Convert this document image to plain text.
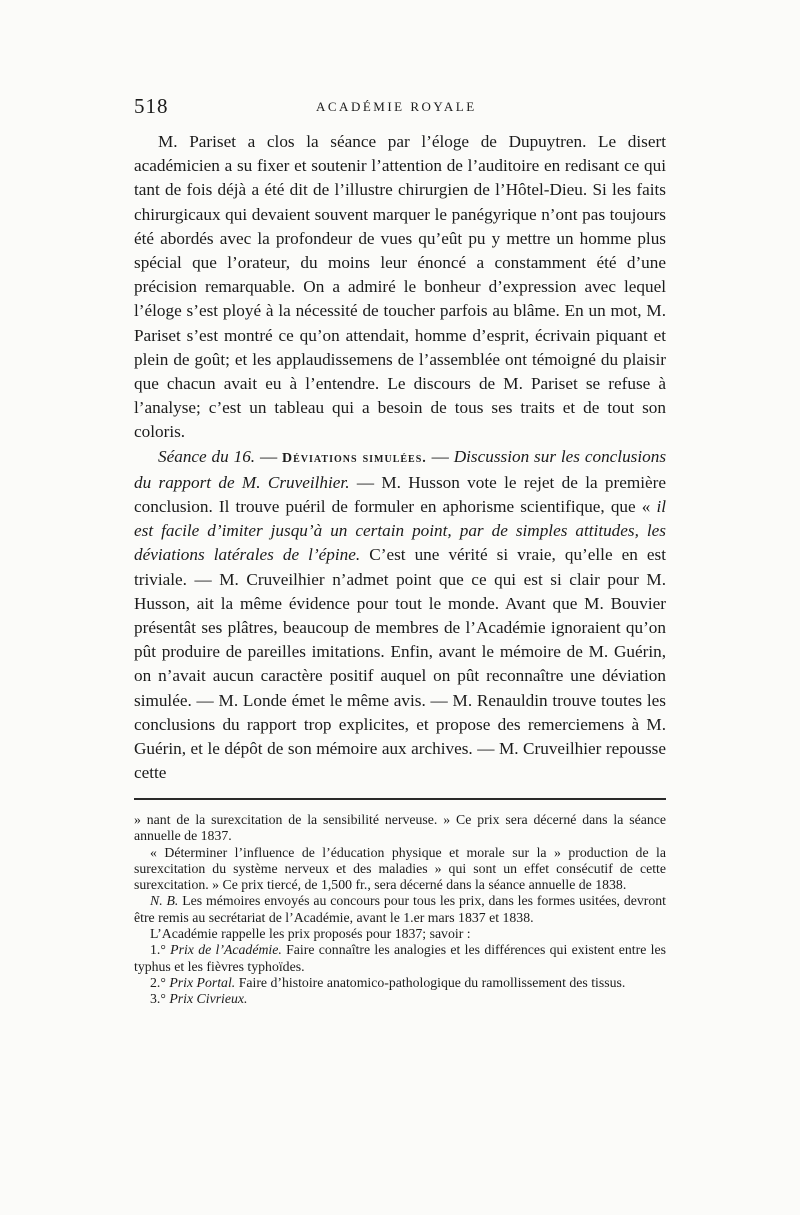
518	ACADÉMIE ROYALE

M. Pariset a clos la séance par l’éloge de Dupuytren. Le disert académicien a su fixer et soutenir l’attention de l’auditoire en redisant ce qui tant de fois déjà a été dit de l’illustre chirurgien de l’Hôtel-Dieu. Si les faits chirurgicaux qui devaient souvent marquer le panégyrique n’ont pas toujours été abordés avec la profondeur de vues qu’eût pu y mettre un homme plus spécial que l’orateur, du moins leur énoncé a constamment été d’une précision remarquable. On a admiré le bonheur d’expression avec lequel l’éloge s’est ployé à la nécessité de toucher parfois au blâme. En un mot, M. Pariset s’est montré ce qu’on attendait, homme d’esprit, écrivain piquant et plein de goût; et les applaudissemens de l’assemblée ont témoigné du plaisir que chacun avait eu à l’entendre. Le discours de M. Pariset se refuse à l’analyse; c’est un tableau qui a besoin de tous ses traits et de tout son coloris.

Séance du 16. — Déviations simulées. — Discussion sur les conclusions du rapport de M. Cruveilhier. — M. Husson vote le rejet de la première conclusion. Il trouve puéril de formuler en aphorisme scientifique, que « il est facile d’imiter jusqu’à un certain point, par de simples attitudes, les déviations latérales de l’épine. C’est une vérité si vraie, qu’elle en est triviale. — M. Cruveilhier n’admet point que ce qui est si clair pour M. Husson, ait la même évidence pour tout le monde. Avant que M. Bouvier présentât ses plâtres, beaucoup de membres de l’Académie ignoraient qu’on pût produire de pareilles imitations. Enfin, avant le mémoire de M. Guérin, on n’avait aucun caractère positif auquel on pût reconnaître une déviation simulée. — M. Londe émet le même avis. — M. Renauldin trouve toutes les conclusions du rapport trop explicites, et propose des remerciemens à M. Guérin, et le dépôt de son mémoire aux archives. — M. Cruveilhier repousse cette

» nant de la surexcitation de la sensibilité nerveuse. » Ce prix sera décerné dans la séance annuelle de 1837.

« Déterminer l’influence de l’éducation physique et morale sur la » production de la surexcitation du système nerveux et des maladies » qui sont un effet consécutif de cette surexcitation. » Ce prix tiercé, de 1,500 fr., sera décerné dans la séance annuelle de 1838.

N. B. Les mémoires envoyés au concours pour tous les prix, dans les formes usitées, devront être remis au secrétariat de l’Académie, avant le 1.er mars 1837 et 1838.

L’Académie rappelle les prix proposés pour 1837; savoir :

1.° Prix de l’Académie. Faire connaître les analogies et les différences qui existent entre les typhus et les fièvres typhoïdes.

2.° Prix Portal. Faire d’histoire anatomico-pathologique du ramollissement des tissus.

3.° Prix Civrieux.
